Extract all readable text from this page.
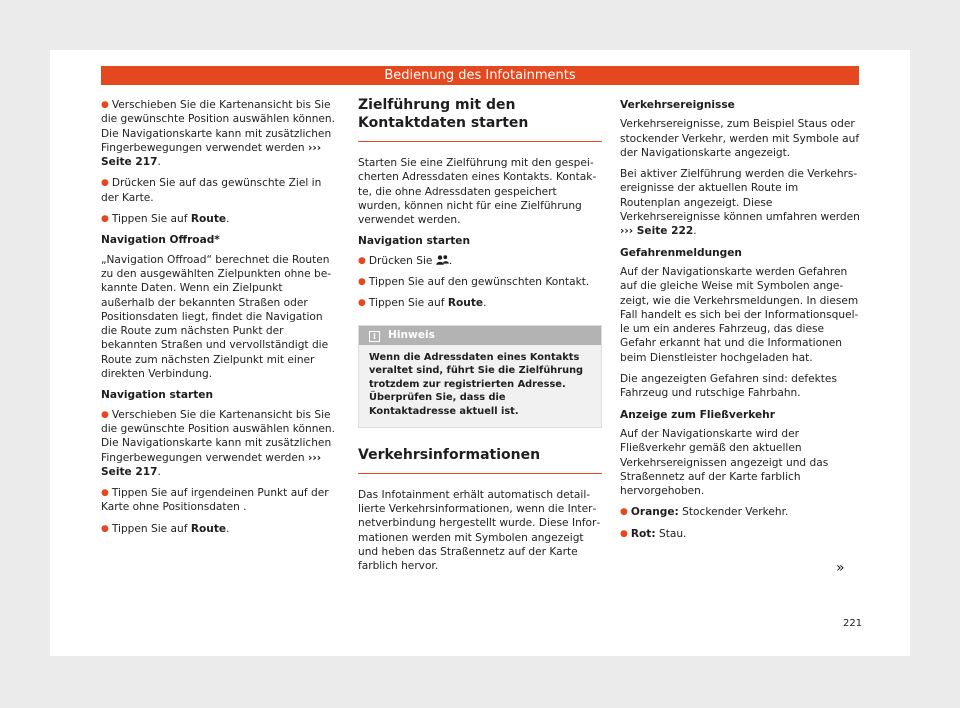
Bedienung des Infotainments
● Verschieben Sie die Kartenansicht bis Sie die gewünschte Position auswählen können. Die Navigationskarte kann mit zusätzlichen Fingerbewegungen verwendet werden ››› Seite 217.
● Drücken Sie auf das gewünschte Ziel in der Karte.
● Tippen Sie auf Route.
Navigation Offroad*
„Navigation Offroad“ berechnet die Routen zu den ausgewählten Zielpunkten ohne bekannte Daten. Wenn ein Zielpunkt außerhalb der bekannten Straßen oder Positionsdaten liegt, findet die Navigation die Route zum nächsten Punkt der bekannten Straßen und vervollständigt die Route zum nächsten Zielpunkt mit einer direkten Verbindung.
Navigation starten
● Verschieben Sie die Kartenansicht bis Sie die gewünschte Position auswählen können. Die Navigationskarte kann mit zusätzlichen Fingerbewegungen verwendet werden ››› Seite 217.
● Tippen Sie auf irgendeinen Punkt auf der Karte ohne Positionsdaten .
● Tippen Sie auf Route.
Zielführung mit den Kontaktdaten starten
Starten Sie eine Zielführung mit den gespeicherten Adressdaten eines Kontakts. Kontakte, die ohne Adressdaten gespeichert wurden, können nicht für eine Zielführung verwendet werden.
Navigation starten
● Drücken Sie .
● Tippen Sie auf den gewünschten Kontakt.
● Tippen Sie auf Route.
i Hinweis
Wenn die Adressdaten eines Kontakts veraltet sind, führt Sie die Zielführung trotzdem zur registrierten Adresse. Überprüfen Sie, dass die Kontaktadresse aktuell ist.
Verkehrsinformationen
Das Infotainment erhält automatisch detaillierte Verkehrsinformationen, wenn die Internetverbindung hergestellt wurde. Diese Informationen werden mit Symbolen angezeigt und heben das Straßennetz auf der Karte farblich hervor.
Verkehrsereignisse
Verkehrsereignisse, zum Beispiel Staus oder stockender Verkehr, werden mit Symbole auf der Navigationskarte angezeigt.
Bei aktiver Zielführung werden die Verkehrsereignisse der aktuellen Route im Routenplan angezeigt. Diese Verkehrsereignisse können umfahren werden ››› Seite 222.
Gefahrenmeldungen
Auf der Navigationskarte werden Gefahren auf die gleiche Weise mit Symbolen angezeigt, wie die Verkehrsmeldungen. In diesem Fall handelt es sich bei der Informationsquelle um ein anderes Fahrzeug, das diese Gefahr erkannt hat und die Informationen beim Dienstleister hochgeladen hat.
Die angezeigten Gefahren sind: defektes Fahrzeug und rutschige Fahrbahn.
Anzeige zum Fließverkehr
Auf der Navigationskarte wird der Fließverkehr gemäß den aktuellen Verkehrsereignissen angezeigt und das Straßennetz auf der Karte farblich hervorgehoben.
● Orange: Stockender Verkehr.
● Rot: Stau.
»
221
